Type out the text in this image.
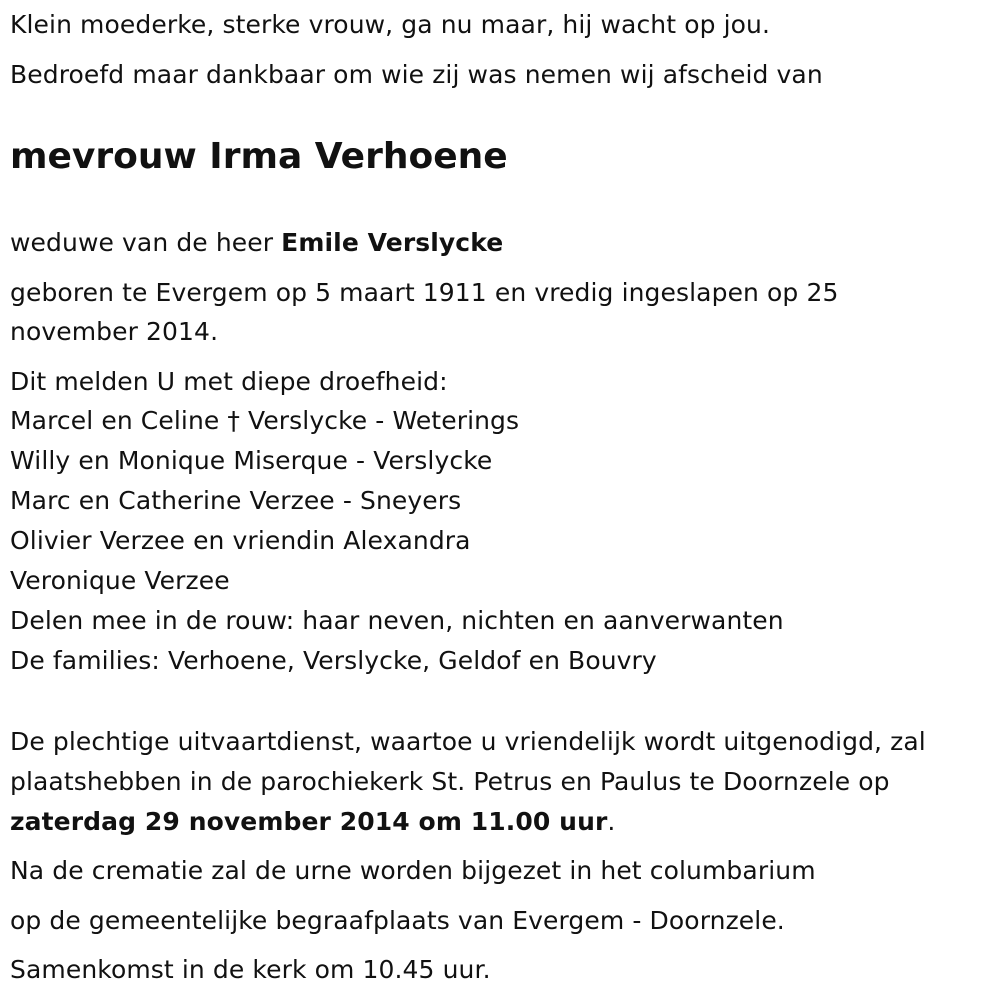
Klein moederke, sterke vrouw, ga nu maar, hij wacht op jou.

Bedroefd maar dankbaar om wie zij was nemen wij afscheid van

mevrouw Irma Verhoene

weduwe van de heer Emile Verslycke

geboren te Evergem op 5 maart 1911 en vredig ingeslapen op 25

november 2014.

Dit melden U met diepe droefheid:

Marcel en Celine † Verslycke - Weterings

Willy en Monique Miserque - Verslycke

Marc en Catherine Verzee - Sneyers

Olivier Verzee en vriendin Alexandra

Veronique Verzee

Delen mee in de rouw: haar neven, nichten en aanverwanten

De families: Verhoene, Verslycke, Geldof en Bouvry

De plechtige uitvaartdienst, waartoe u vriendelijk wordt uitgenodigd, zal

plaatshebben in de parochiekerk St. Petrus en Paulus te Doornzele op

zaterdag 29 november 2014 om 11.00 uur.

Na de crematie zal de urne worden bijgezet in het columbarium

op de gemeentelijke begraafplaats van Evergem - Doornzele.

Samenkomst in de kerk om 10.45 uur.
